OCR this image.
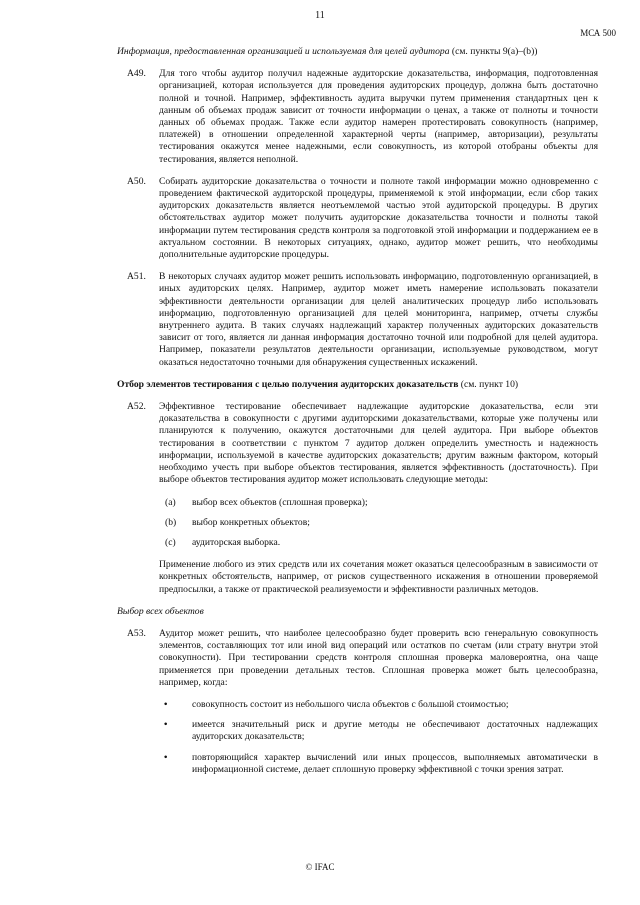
11
МСА 500

Информация, предоставленная организацией и используемая для целей аудитора (см. пункты 9(a)–(b))

A49. Для того чтобы аудитор получил надежные аудиторские доказательства, информация, подготовленная организацией, которая используется для проведения аудиторских процедур, должна быть достаточно полной и точной. Например, эффективность аудита выручки путем применения стандартных цен к данным об объемах продаж зависит от точности информации о ценах, а также от полноты и точности данных об объемах продаж. Также если аудитор намерен протестировать совокупность (например, платежей) в отношении определенной характерной черты (например, авторизации), результаты тестирования окажутся менее надежными, если совокупность, из которой отобраны объекты для тестирования, является неполной.
A50. Собирать аудиторские доказательства о точности и полноте такой информации можно одновременно с проведением фактической аудиторской процедуры, применяемой к этой информации, если сбор таких аудиторских доказательств является неотъемлемой частью этой аудиторской процедуры. В других обстоятельствах аудитор может получить аудиторские доказательства точности и полноты такой информации путем тестирования средств контроля за подготовкой этой информации и поддержанием ее в актуальном состоянии. В некоторых ситуациях, однако, аудитор может решить, что необходимы дополнительные аудиторские процедуры.
A51. В некоторых случаях аудитор может решить использовать информацию, подготовленную организацией, в иных аудиторских целях. Например, аудитор может иметь намерение использовать показатели эффективности деятельности организации для целей аналитических процедур либо использовать информацию, подготовленную организацией для целей мониторинга, например, отчеты службы внутреннего аудита. В таких случаях надлежащий характер полученных аудиторских доказательств зависит от того, является ли данная информация достаточно точной или подробной для целей аудитора. Например, показатели результатов деятельности организации, используемые руководством, могут оказаться недостаточно точными для обнаружения существенных искажений.

Отбор элементов тестирования с целью получения аудиторских доказательств (см. пункт 10)

A52. Эффективное тестирование обеспечивает надлежащие аудиторские доказательства, если эти доказательства в совокупности с другими аудиторскими доказательствами, которые уже получены или планируются к получению, окажутся достаточными для целей аудитора. При выборе объектов тестирования в соответствии с пунктом 7 аудитор должен определить уместность и надежность информации, используемой в качестве аудиторских доказательств; другим важным фактором, который необходимо учесть при выборе объектов тестирования, является эффективность (достаточность). При выборе объектов тестирования аудитор может использовать следующие методы:
(a) выбор всех объектов (сплошная проверка);
(b) выбор конкретных объектов;
(c) аудиторская выборка.

Применение любого из этих средств или их сочетания может оказаться целесообразным в зависимости от конкретных обстоятельств, например, от рисков существенного искажения в отношении проверяемой предпосылки, а также от практической реализуемости и эффективности различных методов.

Выбор всех объектов

A53. Аудитор может решить, что наиболее целесообразно будет проверить всю генеральную совокупность элементов, составляющих тот или иной вид операций или остатков по счетам (или страту внутри этой совокупности). При тестировании средств контроля сплошная проверка маловероятна, она чаще применяется при проведении детальных тестов. Сплошная проверка может быть целесообразна, например, когда:
•	совокупность состоит из небольшого числа объектов с большой стоимостью;
•	имеется значительный риск и другие методы не обеспечивают достаточных надлежащих аудиторских доказательств;
•	повторяющийся характер вычислений или иных процессов, выполняемых автоматически в информационной системе, делает сплошную проверку эффективной с точки зрения затрат.
© IFAC
